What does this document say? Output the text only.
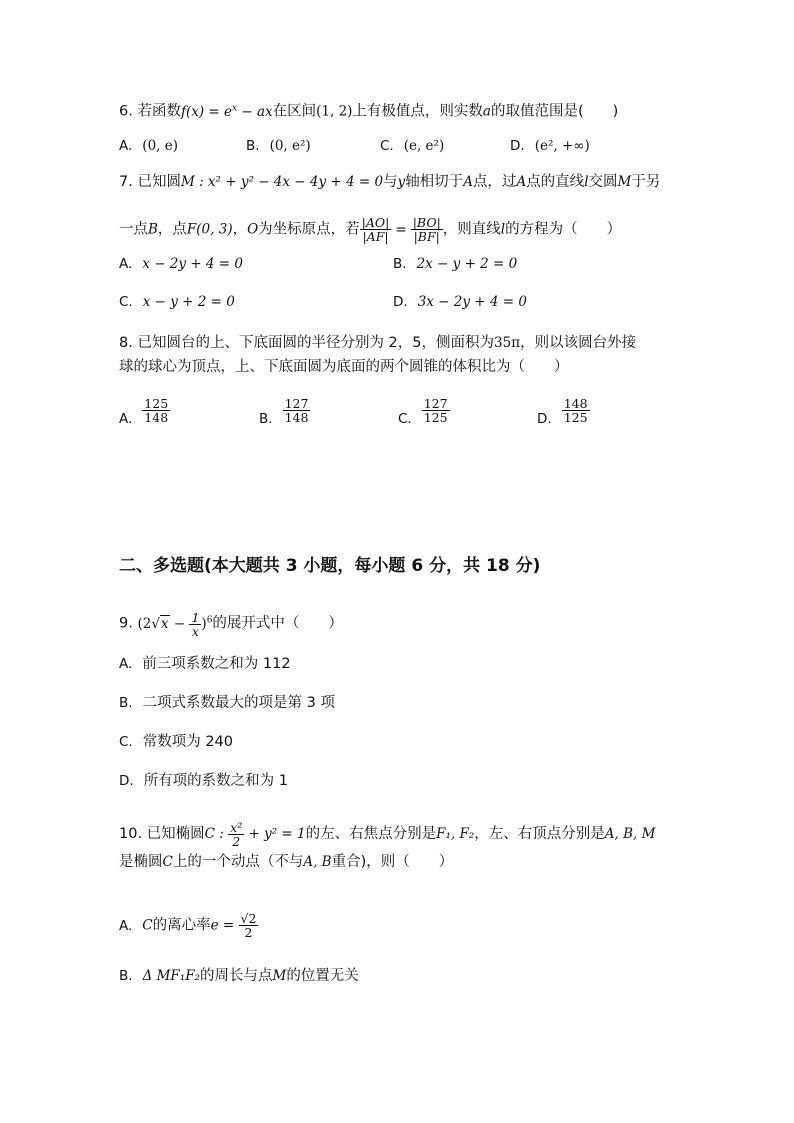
6. 若函数$f(x) = e^x$ − ax在区间(1, 2)上有极值点，则实数a的取值范围是(　　)
A. (0, e)	B. (0, e²)	C. (e, e²)	D. (e², +∞)
7. 已知圆M : x² + y² − 4x − 4y + 4 = 0与y轴相切于A点，过A点的直线l交圆M于另
一点B，点F(0, 3)，O为坐标原点，若 $\frac{|AO|}{|AF|} = \frac{|BO|}{|BF|}$ ，则直线l的方程为（　　）
A. x − 2y + 4 = 0	B. 2x − y + 2 = 0
C. x − y + 2 = 0	D. 3x − 2y + 4 = 0
8. 已知圆台的上、下底面圆的半径分别为 2，5，侧面积为35π，则以该圆台外接
球的球心为顶点，上、下底面圆为底面的两个圆锥的体积比为（　　）
A. $\frac{125}{148}$	B. $\frac{127}{148}$	C. $\frac{127}{125}$	D. $\frac{148}{125}$
二、多选题(本大题共 3 小题，每小题 6 分，共 18 分)
9. $(2√x - \frac{1}{x} )^6$的展开式中（　　）
A. 前三项系数之和为 112
B. 二项式系数最大的项是第 3 项
C. 常数项为 240
D. 所有项的系数之和为 1
10. 已知椭圆C : $\frac{\text{x²}}{2} + y^2 = 1$的左、右焦点分别是F₁, F₂，左、右顶点分别是A, B, M
是椭圆C上的一个动点（不与A, B重合)，则（　　）
A. C的离心率$e = \frac{√2}{2}$
B. Δ MF₁F₂的周长与点M的位置无关
